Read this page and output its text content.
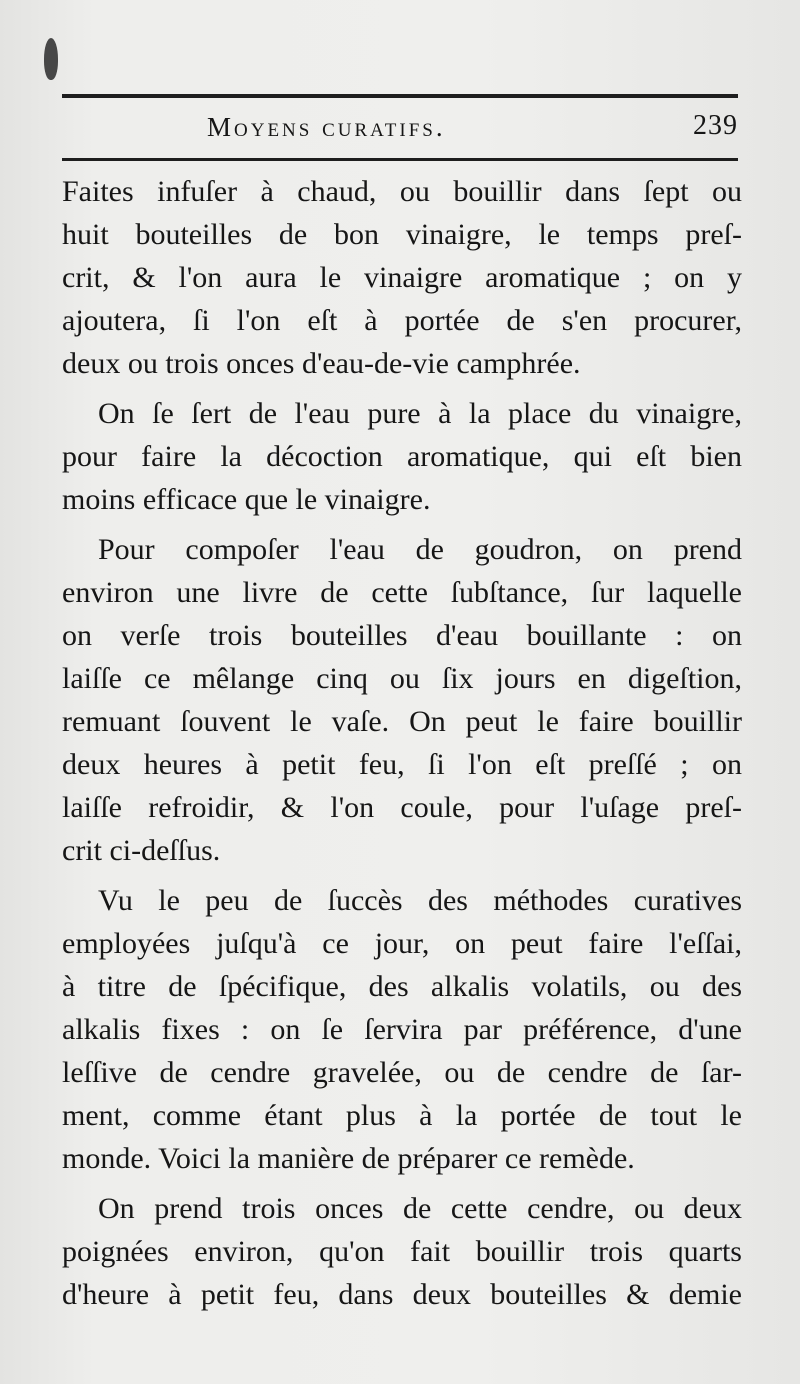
Moyens curatifs.	239
Faites infuſer à chaud, ou bouillir dans ſept ou
huit bouteilles de bon vinaigre, le temps preſ-
crit, & l'on aura le vinaigre aromatique ; on y
ajoutera, ſi l'on eſt à portée de s'en procurer,
deux ou trois onces d'eau-de-vie camphrée.
On ſe ſert de l'eau pure à la place du vinaigre,
pour faire la décoction aromatique, qui eſt bien
moins efficace que le vinaigre.
Pour compoſer l'eau de goudron, on prend
environ une livre de cette ſubſtance, ſur laquelle
on verſe trois bouteilles d'eau bouillante : on
laiſſe ce mêlange cinq ou ſix jours en digeſtion,
remuant ſouvent le vaſe. On peut le faire bouillir
deux heures à petit feu, ſi l'on eſt preſſé ; on
laiſſe refroidir, & l'on coule, pour l'uſage preſ-
crit ci-deſſus.
Vu le peu de ſuccès des méthodes curatives
employées juſqu'à ce jour, on peut faire l'eſſai,
à titre de ſpécifique, des alkalis volatils, ou des
alkalis fixes : on ſe ſervira par préférence, d'une
leſſive de cendre gravelée, ou de cendre de ſar-
ment, comme étant plus à la portée de tout le
monde. Voici la manière de préparer ce remède.
On prend trois onces de cette cendre, ou deux
poignées environ, qu'on fait bouillir trois quarts
d'heure à petit feu, dans deux bouteilles & demie
